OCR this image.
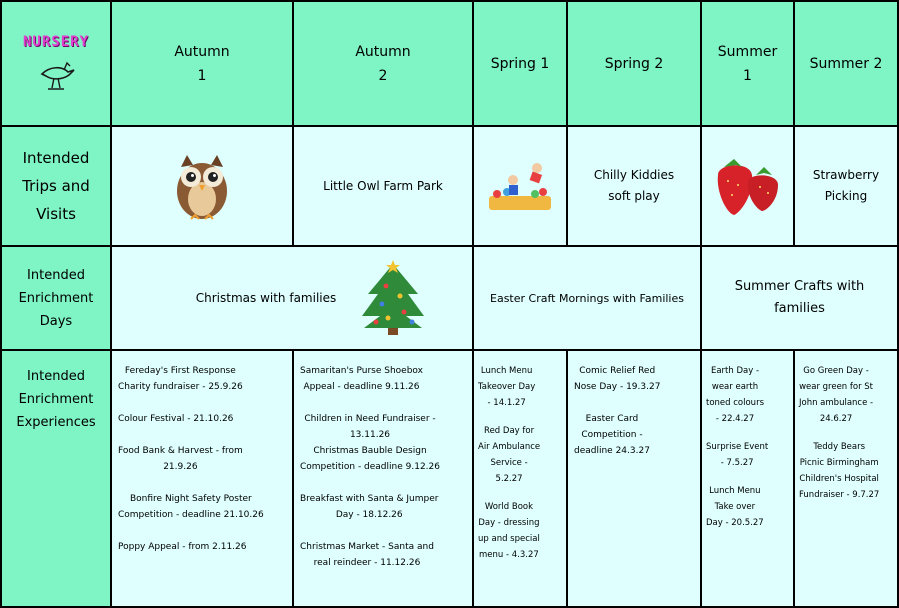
NURSERY
Autumn
1
Autumn
2
Spring 1	Spring 2
Summer
1
Summer 2
Intended
Trips and
Visits
Little Owl Farm Park
Chilly Kiddies
soft play
Strawberry
Picking
Intended
Enrichment
Days
Christmas with families	Easter Craft Mornings with Families
Summer Crafts with
families
Intended
Enrichment
Experiences
Fereday's First Response
Charity fundraiser - 25.9.26
Colour Festival - 21.10.26
Food Bank & Harvest - from
21.9.26
Bonfire Night Safety Poster
Competition - deadline 21.10.26
Poppy Appeal - from 2.11.26
Samaritan's Purse Shoebox
Appeal - deadline 9.11.26
Children in Need Fundraiser -
13.11.26
Christmas Bauble Design
Competition - deadline 9.12.26
Breakfast with Santa & Jumper
Day - 18.12.26
Christmas Market - Santa and
real reindeer - 11.12.26
Lunch Menu
Takeover Day
- 14.1.27
Red Day for
Air Ambulance
Service -
5.2.27
World Book
Day - dressing
up and special
menu - 4.3.27
Comic Relief Red
Nose Day - 19.3.27
Easter Card
Competition -
deadline 24.3.27
Earth Day -
wear earth
toned colours
- 22.4.27
Surprise Event
- 7.5.27
Lunch Menu
Take over
Day - 20.5.27
Go Green Day -
wear green for St
John ambulance -
24.6.27
Teddy Bears
Picnic Birmingham
Children's Hospital
Fundraiser - 9.7.27
